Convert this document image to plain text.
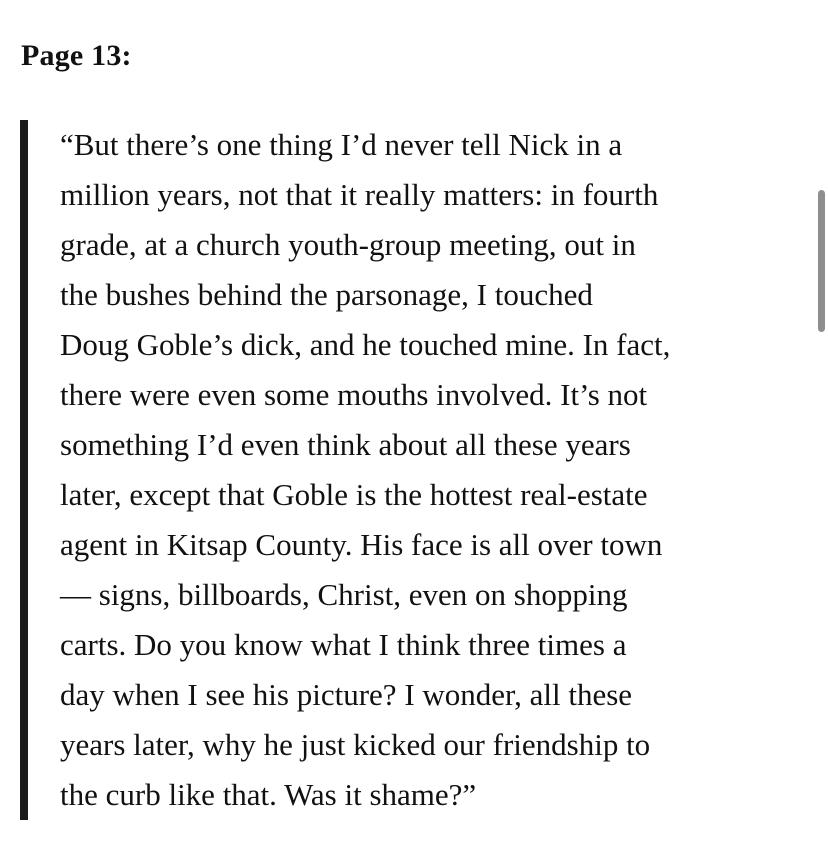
Page 13:
“But there’s one thing I’d never tell Nick in a
million years, not that it really matters: in fourth
grade, at a church youth-group meeting, out in
the bushes behind the parsonage, I touched
Doug Goble’s dick, and he touched mine. In fact,
there were even some mouths involved. It’s not
something I’d even think about all these years
later, except that Goble is the hottest real-estate
agent in Kitsap County. His face is all over town
— signs, billboards, Christ, even on shopping
carts. Do you know what I think three times a
day when I see his picture? I wonder, all these
years later, why he just kicked our friendship to
the curb like that. Was it shame?”
